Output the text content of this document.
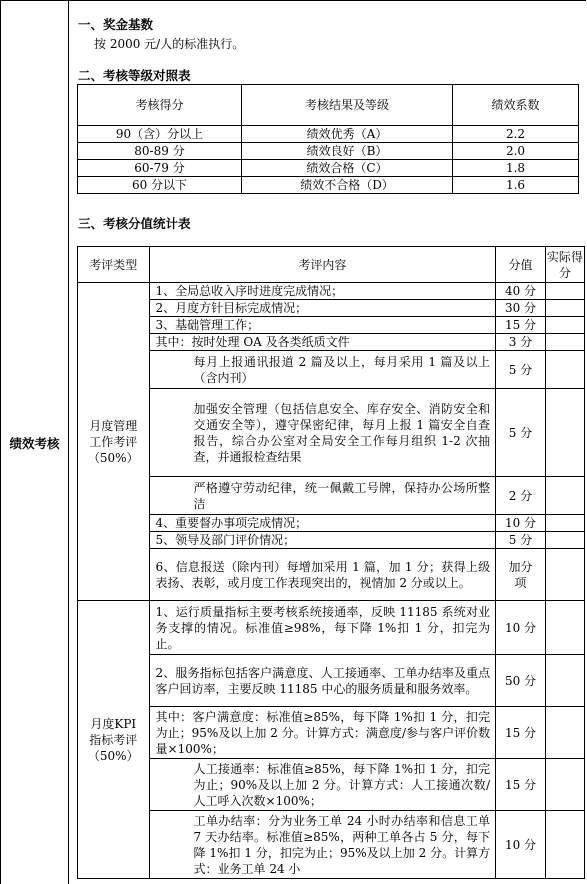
绩效考核
一、奖金基数
按 2000 元/人的标准执行。
二、考核等级对照表
考核得分	考核结果及等级	绩效系数
90（含）分以上	绩效优秀（A）	2.2
80-89 分	绩效良好（B）	2.0
60-79 分	绩效合格（C）	1.8
60 分以下	绩效不合格（D）	1.6
三、考核分值统计表
考评类型	考评内容	分值	实际得分
月度管理工作考评（50%）	1、全局总收入序时进度完成情况；	40 分	
	2、月度方针目标完成情况；	30 分	
	3、基础管理工作；	15 分	
	其中：按时处理 OA 及各类纸质文件	3 分	
	每月上报通讯报道 2 篇及以上，每月采用 1 篇及以上（含内刊）	5 分	
	加强安全管理（包括信息安全、库存安全、消防安全和交通安全等），遵守保密纪律，每月上报 1 篇安全自查报告，综合办公室对全局安全工作每月组织 1-2 次抽查，并通报检查结果	5 分	
	严格遵守劳动纪律，统一佩戴工号牌，保持办公场所整洁	2 分	
	4、重要督办事项完成情况；	10 分	
	5、领导及部门评价情况；	5 分	
	6、信息报送（除内刊）每增加采用 1 篇，加 1 分；获得上级表扬、表彰，或月度工作表现突出的，视情加 2 分或以上。	加分项	
月度KPI指标考评（50%）	1、运行质量指标主要考核系统接通率，反映 11185 系统对业务支撑的情况。标准值≥98%，每下降 1%扣 1 分，扣完为止。	10 分	
	2、服务指标包括客户满意度、人工接通率、工单办结率及重点客户回访率，主要反映 11185 中心的服务质量和服务效率。	50 分	
	其中：客户满意度：标准值≥85%，每下降 1%扣 1 分，扣完为止；95%及以上加 2 分。计算方式：满意度/参与客户评价数量×100%；	15 分	
	人工接通率：标准值≥85%，每下降 1%扣 1 分，扣完为止；90%及以上加 2 分。计算方式：人工接通次数/人工呼入次数×100%；	15 分	
	工单办结率：分为业务工单 24 小时办结率和信息工单 7 天办结率。标准值≥85%，两种工单各占 5 分，每下降 1%扣 1 分，扣完为止；95%及以上加 2 分。计算方式：业务工单 24 小	10 分	
